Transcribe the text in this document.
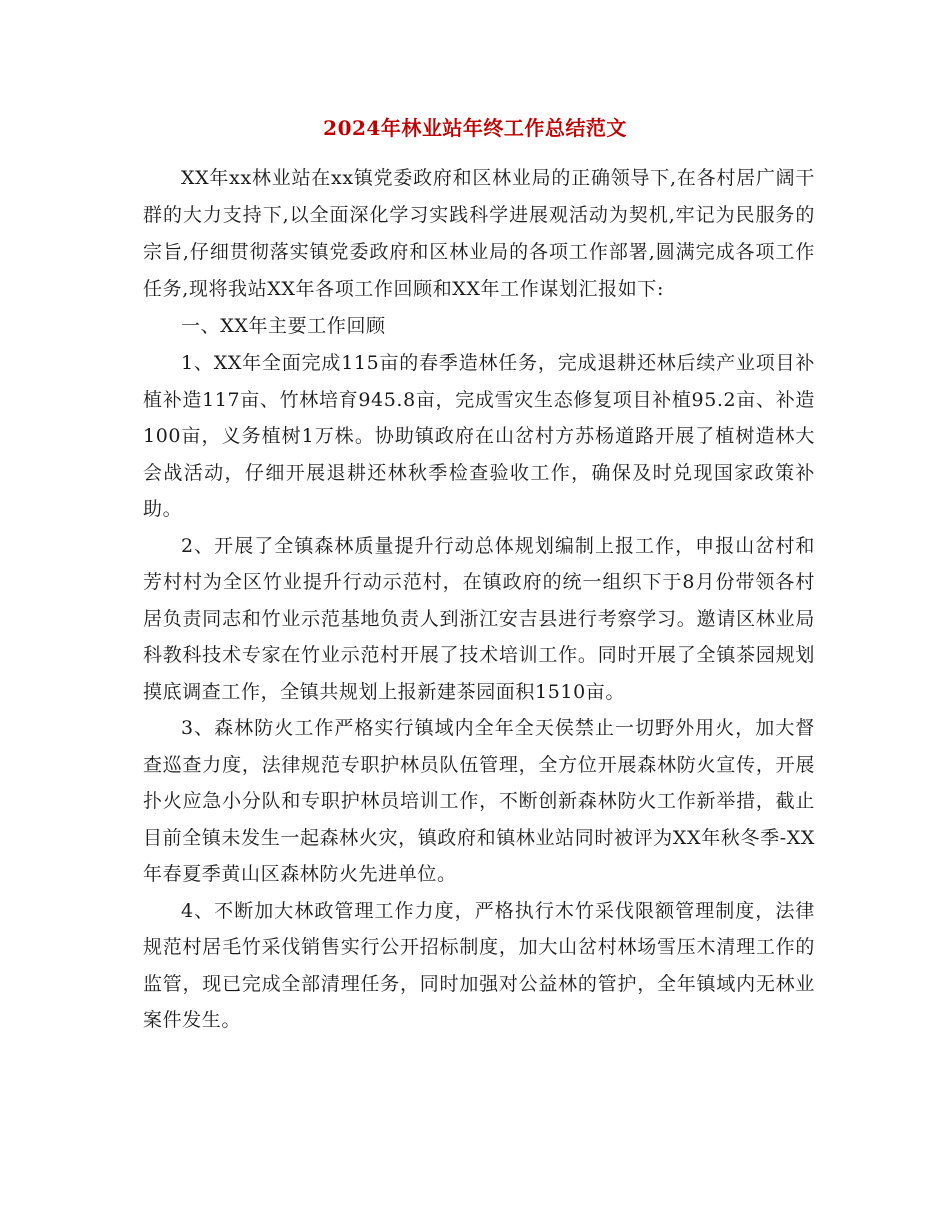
2024年林业站年终工作总结范文

XX年xx林业站在xx镇党委政府和区林业局的正确领导下,在各村居广阔干群的大力支持下,以全面深化学习实践科学进展观活动为契机,牢记为民服务的宗旨,仔细贯彻落实镇党委政府和区林业局的各项工作部署,圆满完成各项工作任务,现将我站XX年各项工作回顾和XX年工作谋划汇报如下:

一、XX年主要工作回顾

1、XX年全面完成115亩的春季造林任务，完成退耕还林后续产业项目补植补造117亩、竹林培育945.8亩，完成雪灾生态修复项目补植95.2亩、补造100亩，义务植树1万株。协助镇政府在山岔村方苏杨道路开展了植树造林大会战活动，仔细开展退耕还林秋季检查验收工作，确保及时兑现国家政策补助。

2、开展了全镇森林质量提升行动总体规划编制上报工作，申报山岔村和芳村村为全区竹业提升行动示范村，在镇政府的统一组织下于8月份带领各村居负责同志和竹业示范基地负责人到浙江安吉县进行考察学习。邀请区林业局科教科技术专家在竹业示范村开展了技术培训工作。同时开展了全镇茶园规划摸底调查工作，全镇共规划上报新建茶园面积1510亩。

3、森林防火工作严格实行镇域内全年全天侯禁止一切野外用火，加大督查巡查力度，法律规范专职护林员队伍管理，全方位开展森林防火宣传，开展扑火应急小分队和专职护林员培训工作，不断创新森林防火工作新举措，截止目前全镇未发生一起森林火灾，镇政府和镇林业站同时被评为XX年秋冬季-XX年春夏季黄山区森林防火先进单位。

4、不断加大林政管理工作力度，严格执行木竹采伐限额管理制度，法律规范村居毛竹采伐销售实行公开招标制度，加大山岔村林场雪压木清理工作的监管，现已完成全部清理任务，同时加强对公益林的管护，全年镇域内无林业案件发生。
